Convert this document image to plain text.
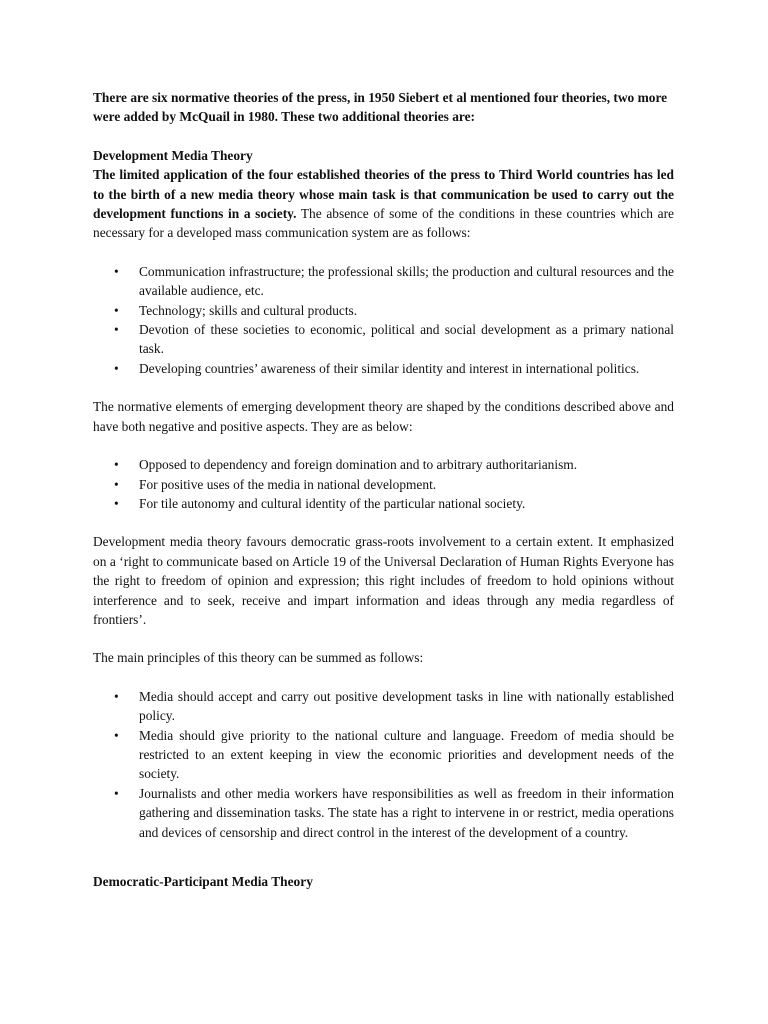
There are six normative theories of the press, in 1950 Siebert et al mentioned four theories, two more were added by McQuail in 1980. These two additional theories are:

Development Media Theory

The limited application of the four established theories of the press to Third World countries has led to the birth of a new media theory whose main task is that communication be used to carry out the development functions in a society. The absence of some of the conditions in these countries which are necessary for a developed mass communication system are as follows:

• Communication infrastructure; the professional skills; the production and cultural resources and the available audience, etc.
• Technology; skills and cultural products.
• Devotion of these societies to economic, political and social development as a primary national task.
• Developing countries’ awareness of their similar identity and interest in international politics.

The normative elements of emerging development theory are shaped by the conditions described above and have both negative and positive aspects. They are as below:

• Opposed to dependency and foreign domination and to arbitrary authoritarianism.
• For positive uses of the media in national development.
• For tile autonomy and cultural identity of the particular national society.

Development media theory favours democratic grass-roots involvement to a certain extent. It emphasized on a ‘right to communicate based on Article 19 of the Universal Declaration of Human Rights Everyone has the right to freedom of opinion and expression; this right includes of freedom to hold opinions without interference and to seek, receive and impart information and ideas through any media regardless of frontiers’.

The main principles of this theory can be summed as follows:

• Media should accept and carry out positive development tasks in line with nationally established policy.
• Media should give priority to the national culture and language. Freedom of media should be restricted to an extent keeping in view the economic priorities and development needs of the society.
• Journalists and other media workers have responsibilities as well as freedom in their information gathering and dissemination tasks. The state has a right to intervene in or restrict, media operations and devices of censorship and direct control in the interest of the development of a country.

Democratic-Participant Media Theory
